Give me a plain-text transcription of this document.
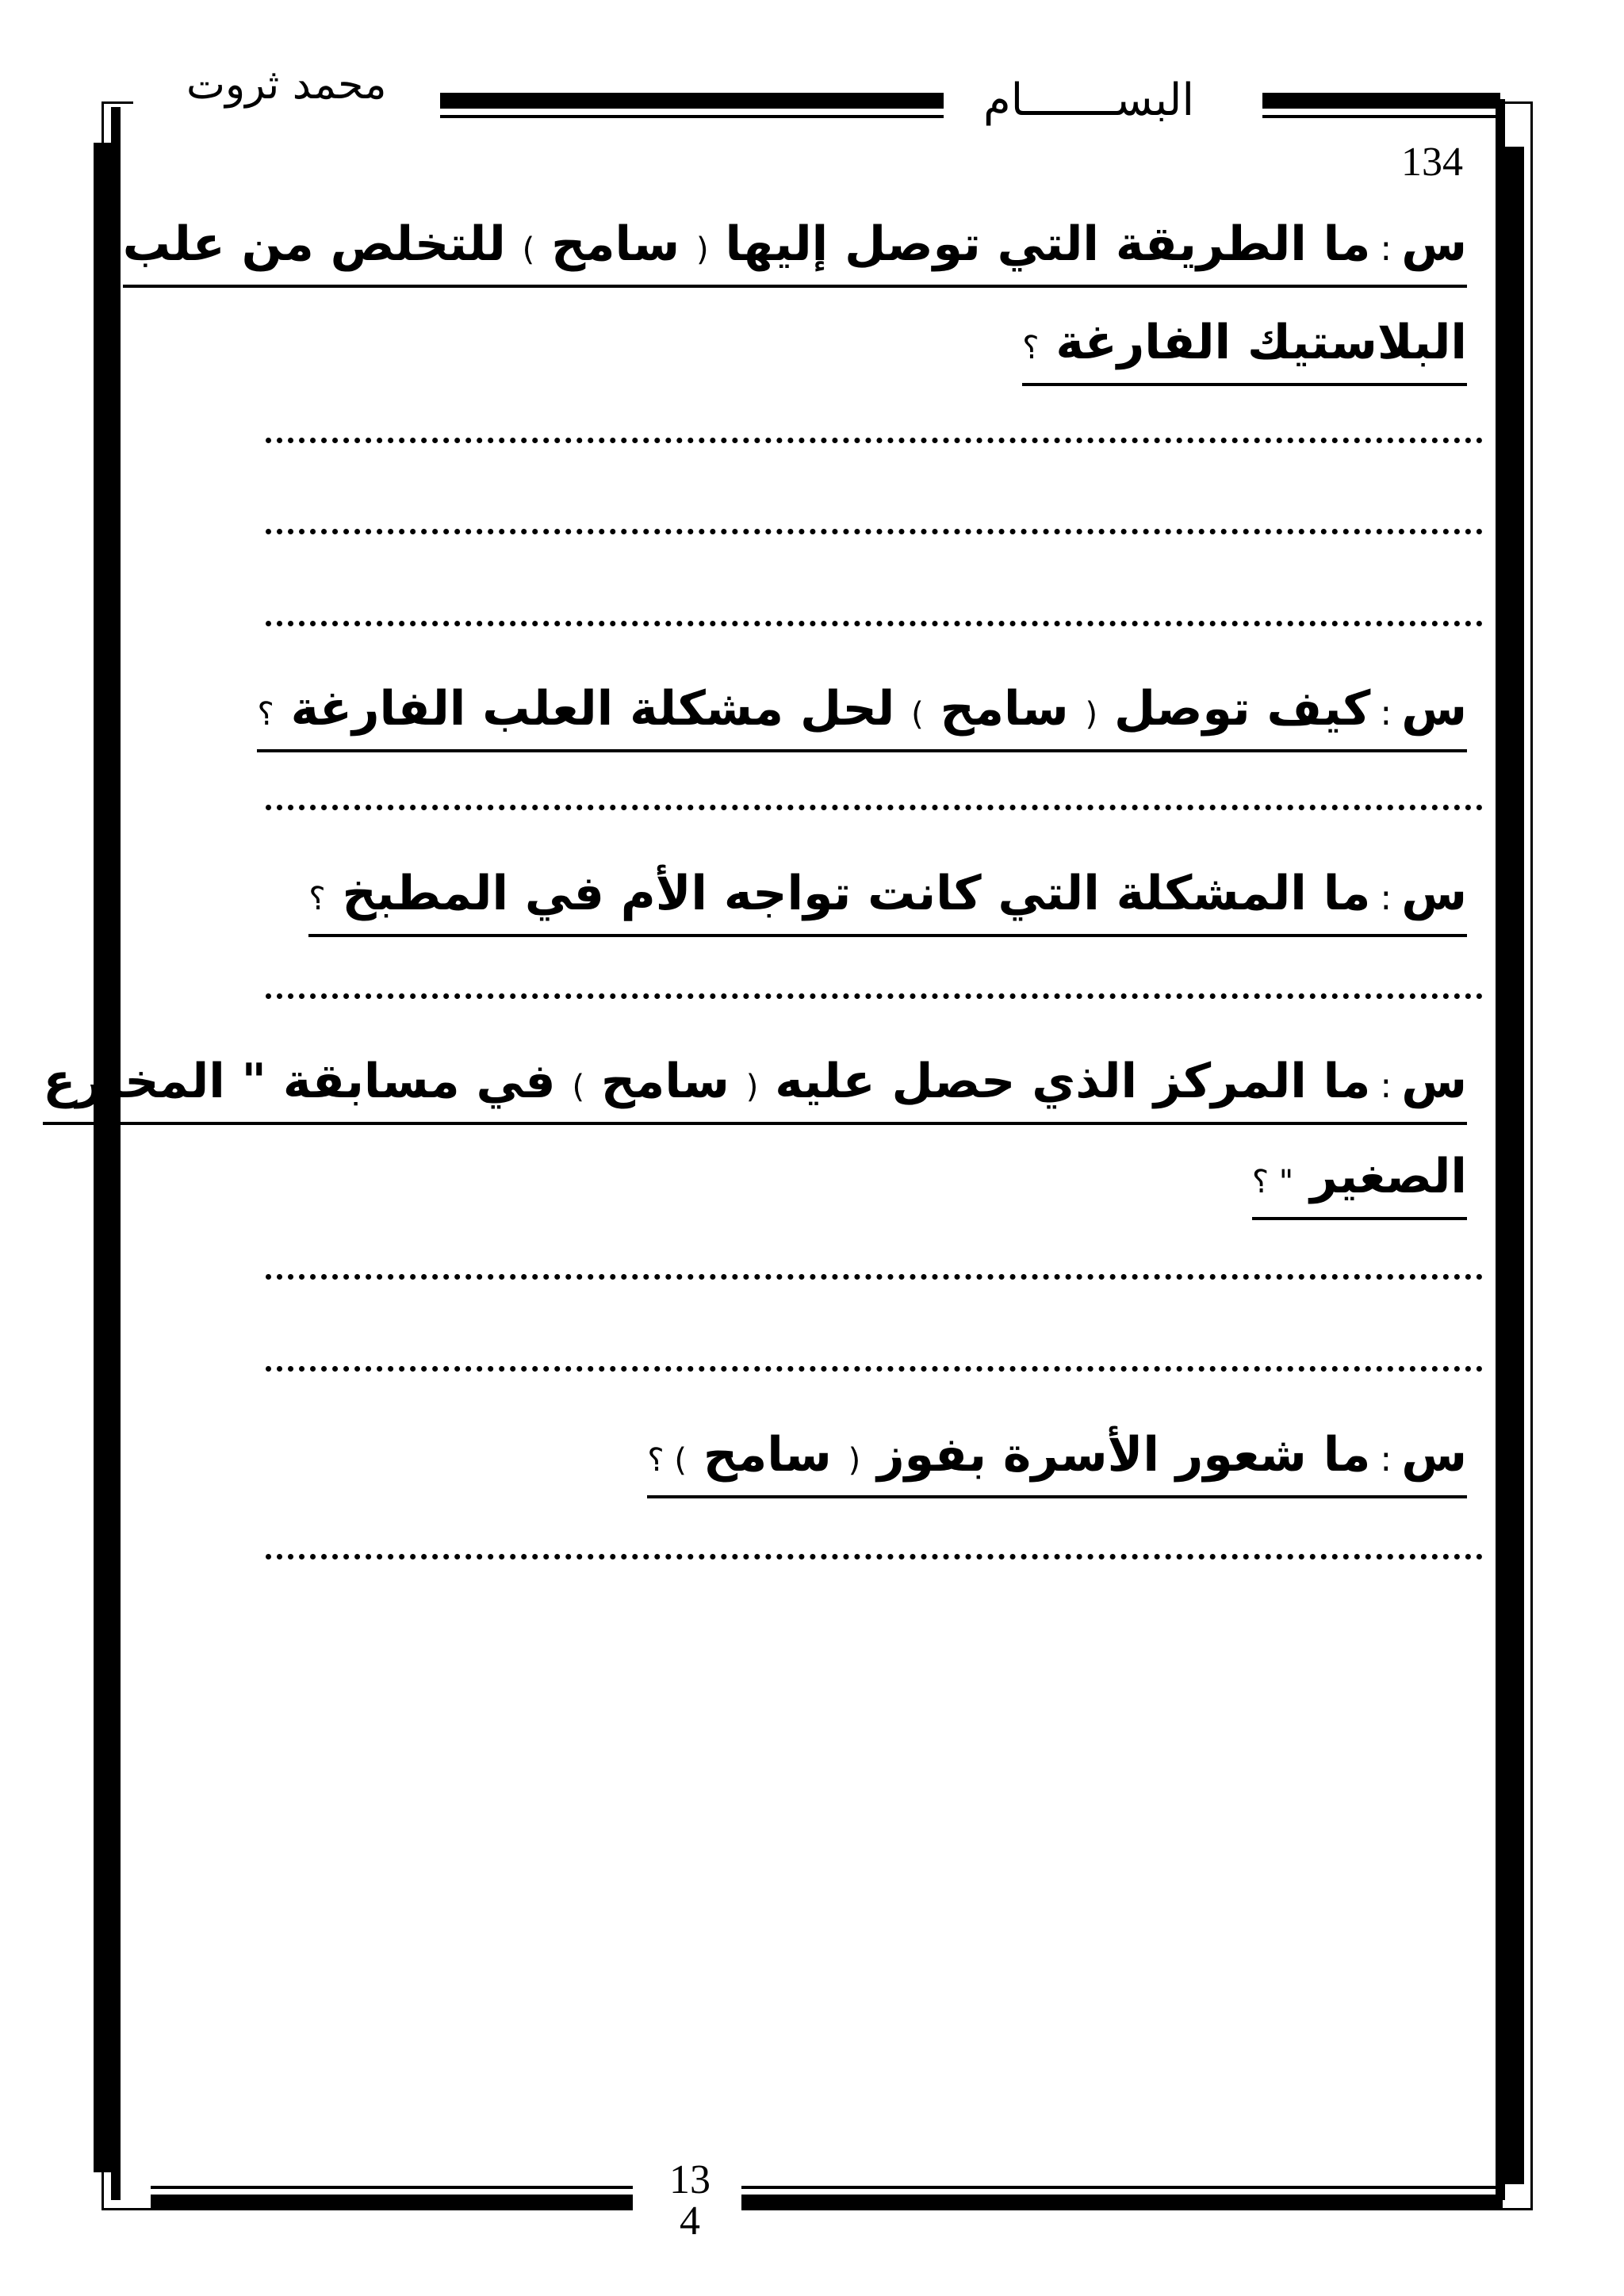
محمد ثروت	البســـــــام
134
س:ما الطريقة التي توصل إليها ( سامح ) للتخلص من علب
البلاستيك الفارغة ؟
س:كيف توصل ( سامح ) لحل مشكلة العلب الفارغة ؟
س:ما المشكلة التي كانت تواجه الأم في المطبخ ؟
س:ما المركز الذي حصل عليه ( سامح ) في مسابقة " المخترع
الصغير " ؟
س:ما شعور الأسرة بفوز ( سامح ) ؟
13
4
